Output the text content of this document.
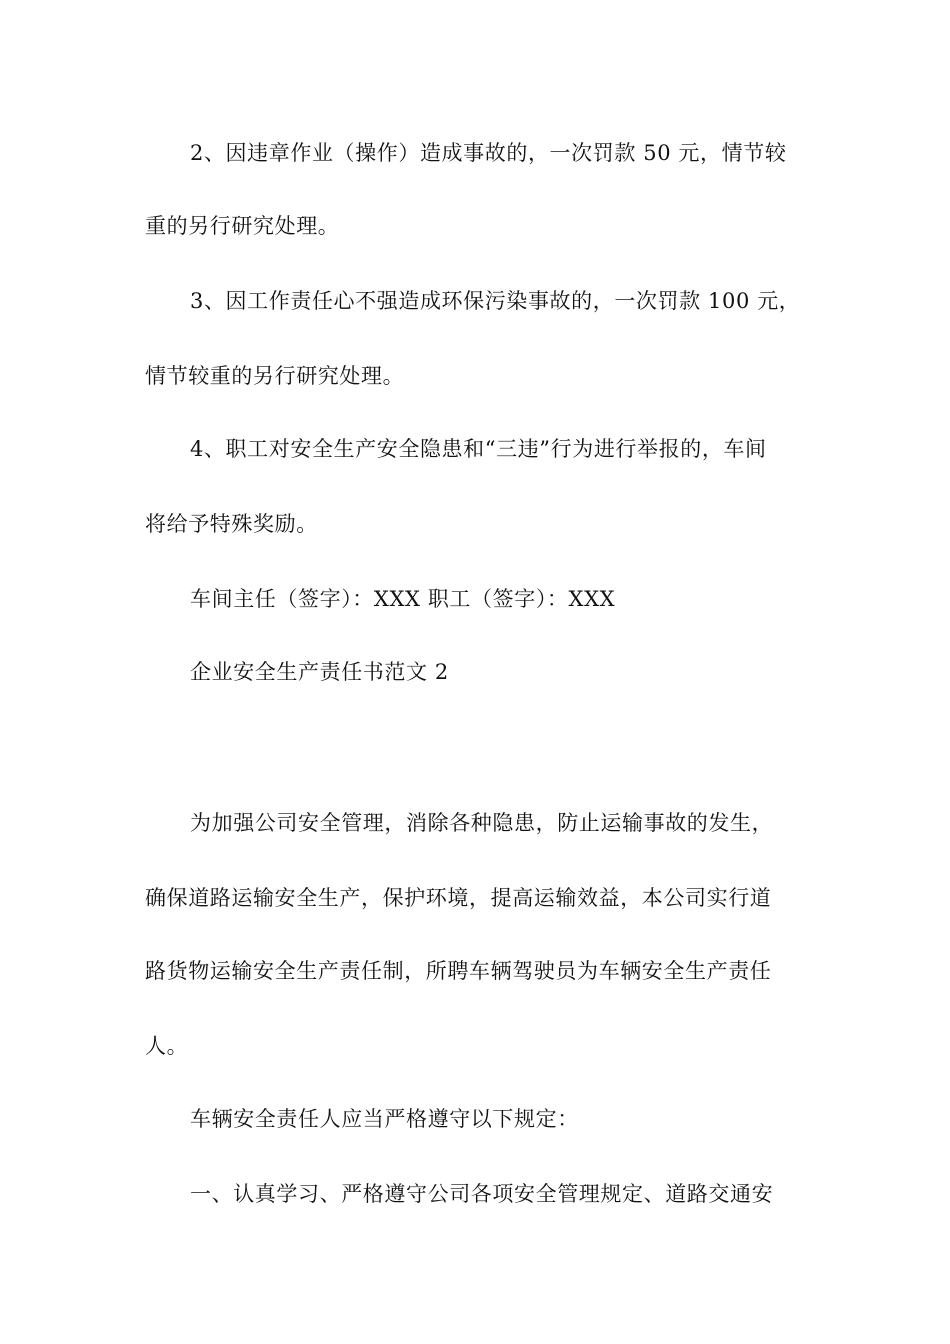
2、因违章作业（操作）造成事故的，一次罚款 50 元，情节较
重的另行研究处理。
3、因工作责任心不强造成环保污染事故的，一次罚款 100 元，
情节较重的另行研究处理。
4、职工对安全生产安全隐患和“三违”行为进行举报的，车间
将给予特殊奖励。
车间主任（签字）：XXX 职工（签字）：XXX
企业安全生产责任书范文 2
为加强公司安全管理，消除各种隐患，防止运输事故的发生，
确保道路运输安全生产，保护环境，提高运输效益，本公司实行道
路货物运输安全生产责任制，所聘车辆驾驶员为车辆安全生产责任
人。
车辆安全责任人应当严格遵守以下规定：
一、认真学习、严格遵守公司各项安全管理规定、道路交通安
